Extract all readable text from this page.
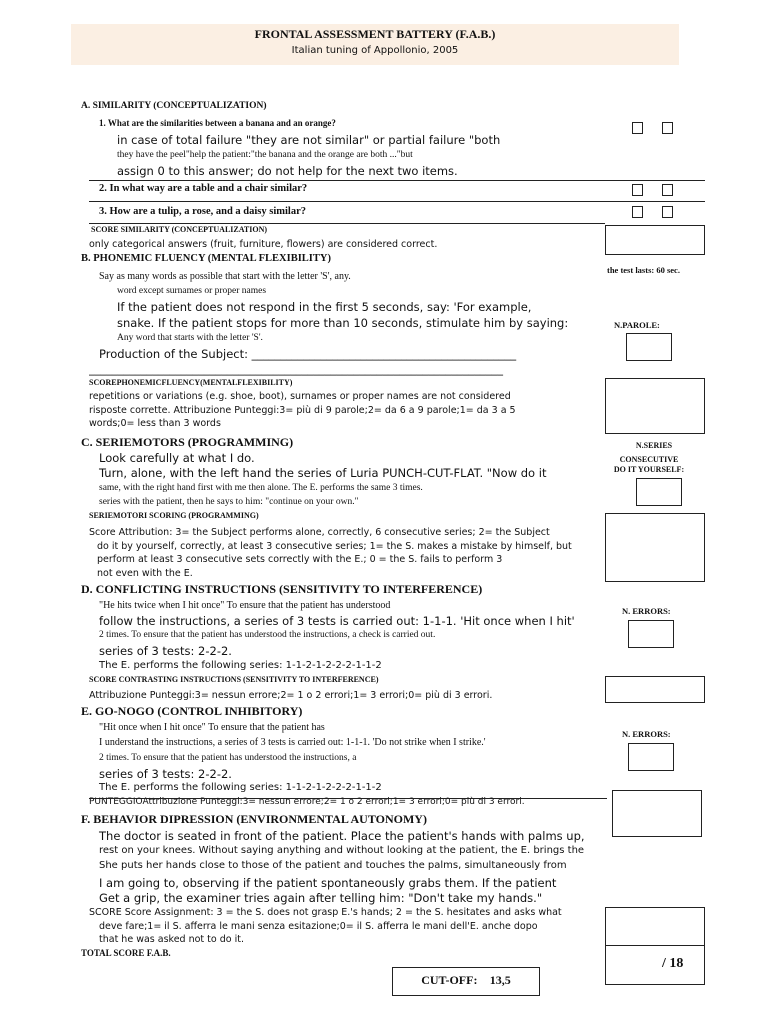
FRONTAL ASSESSMENT BATTERY (F.A.B.)
Italian tuning of Appollonio, 2005
A. SIMILARITY (CONCEPTUALIZATION)
1. What are the similarities between a banana and an orange?
in case of total failure "they are not similar" or partial failure "both
they have the peel"help the patient:"the banana and the orange are both ..."but
assign 0 to this answer; do not help for the next two items.
2. In what way are a table and a chair similar?
3. How are a tulip, a rose, and a daisy similar?
SCORE SIMILARITY (CONCEPTUALIZATION)
only categorical answers (fruit, furniture, flowers) are considered correct.
B. PHONEMIC FLUENCY (MENTAL FLEXIBILITY)
Say as many words as possible that start with the letter 'S', any.
word except surnames or proper names
If the patient does not respond in the first 5 seconds, say: 'For example,
snake. If the patient stops for more than 10 seconds, stimulate him by saying:
Any word that starts with the letter 'S'.
Production of the Subject: ______________________________________________
________________________________________________________________________
the test lasts: 60 sec.
N.PAROLE:
SCOREPHONEMICFLUENCY(MENTALFLEXIBILITY)
repetitions or variations (e.g. shoe, boot), surnames or proper names are not considered
risposte corrette. Attribuzione Punteggi:3= più di 9 parole;2= da 6 a 9 parole;1= da 3 a 5
words;0= less than 3 words
C. SERIEMOTORS (PROGRAMMING)
Look carefully at what I do.
Turn, alone, with the left hand the series of Luria PUNCH-CUT-FLAT. "Now do it
same, with the right hand first with me then alone. The E. performs the same 3 times.
series with the patient, then he says to him: "continue on your own."
N.SERIES
CONSECUTIVE
DO IT YOURSELF:
SERIEMOTORI SCORING (PROGRAMMING)
Score Attribution: 3= the Subject performs alone, correctly, 6 consecutive series; 2= the Subject
do it by yourself, correctly, at least 3 consecutive series; 1= the S. makes a mistake by himself, but
perform at least 3 consecutive sets correctly with the E.; 0 = the S. fails to perform 3
not even with the E.
D. CONFLICTING INSTRUCTIONS (SENSITIVITY TO INTERFERENCE)
"He hits twice when I hit once" To ensure that the patient has understood
follow the instructions, a series of 3 tests is carried out: 1-1-1. 'Hit once when I hit'
2 times. To ensure that the patient has understood the instructions, a check is carried out.
series of 3 tests: 2-2-2.
The E. performs the following series: 1-1-2-1-2-2-2-1-1-2
N. ERRORS:
SCORE CONTRASTING INSTRUCTIONS (SENSITIVITY TO INTERFERENCE)
Attribuzione Punteggi:3= nessun errore;2= 1 o 2 errori;1= 3 errori;0= più di 3 errori.
E. GO-NOGO (CONTROL INHIBITORY)
"Hit once when I hit once" To ensure that the patient has
I understand the instructions, a series of 3 tests is carried out: 1-1-1. 'Do not strike when I strike.'
2 times. To ensure that the patient has understood the instructions, a
series of 3 tests: 2-2-2.
The E. performs the following series: 1-1-2-1-2-2-2-1-1-2
N. ERRORS:
PUNTEGGIOAttribuzione Punteggi:3= nessun errore;2= 1 o 2 errori;1= 3 errori;0= più di 3 errori.
F. BEHAVIOR DIPRESSION (ENVIRONMENTAL AUTONOMY)
The doctor is seated in front of the patient. Place the patient's hands with palms up,
rest on your knees. Without saying anything and without looking at the patient, the E. brings the
She puts her hands close to those of the patient and touches the palms, simultaneously from
I am going to, observing if the patient spontaneously grabs them. If the patient
Get a grip, the examiner tries again after telling him: "Don't take my hands."
SCORE Score Assignment: 3 = the S. does not grasp E.'s hands; 2 = the S. hesitates and asks what
deve fare;1= il S. afferra le mani senza esitazione;0= il S. afferra le mani dell'E. anche dopo
that he was asked not to do it.
/ 18
TOTAL SCORE F.A.B.
CUT-OFF: 13,5
